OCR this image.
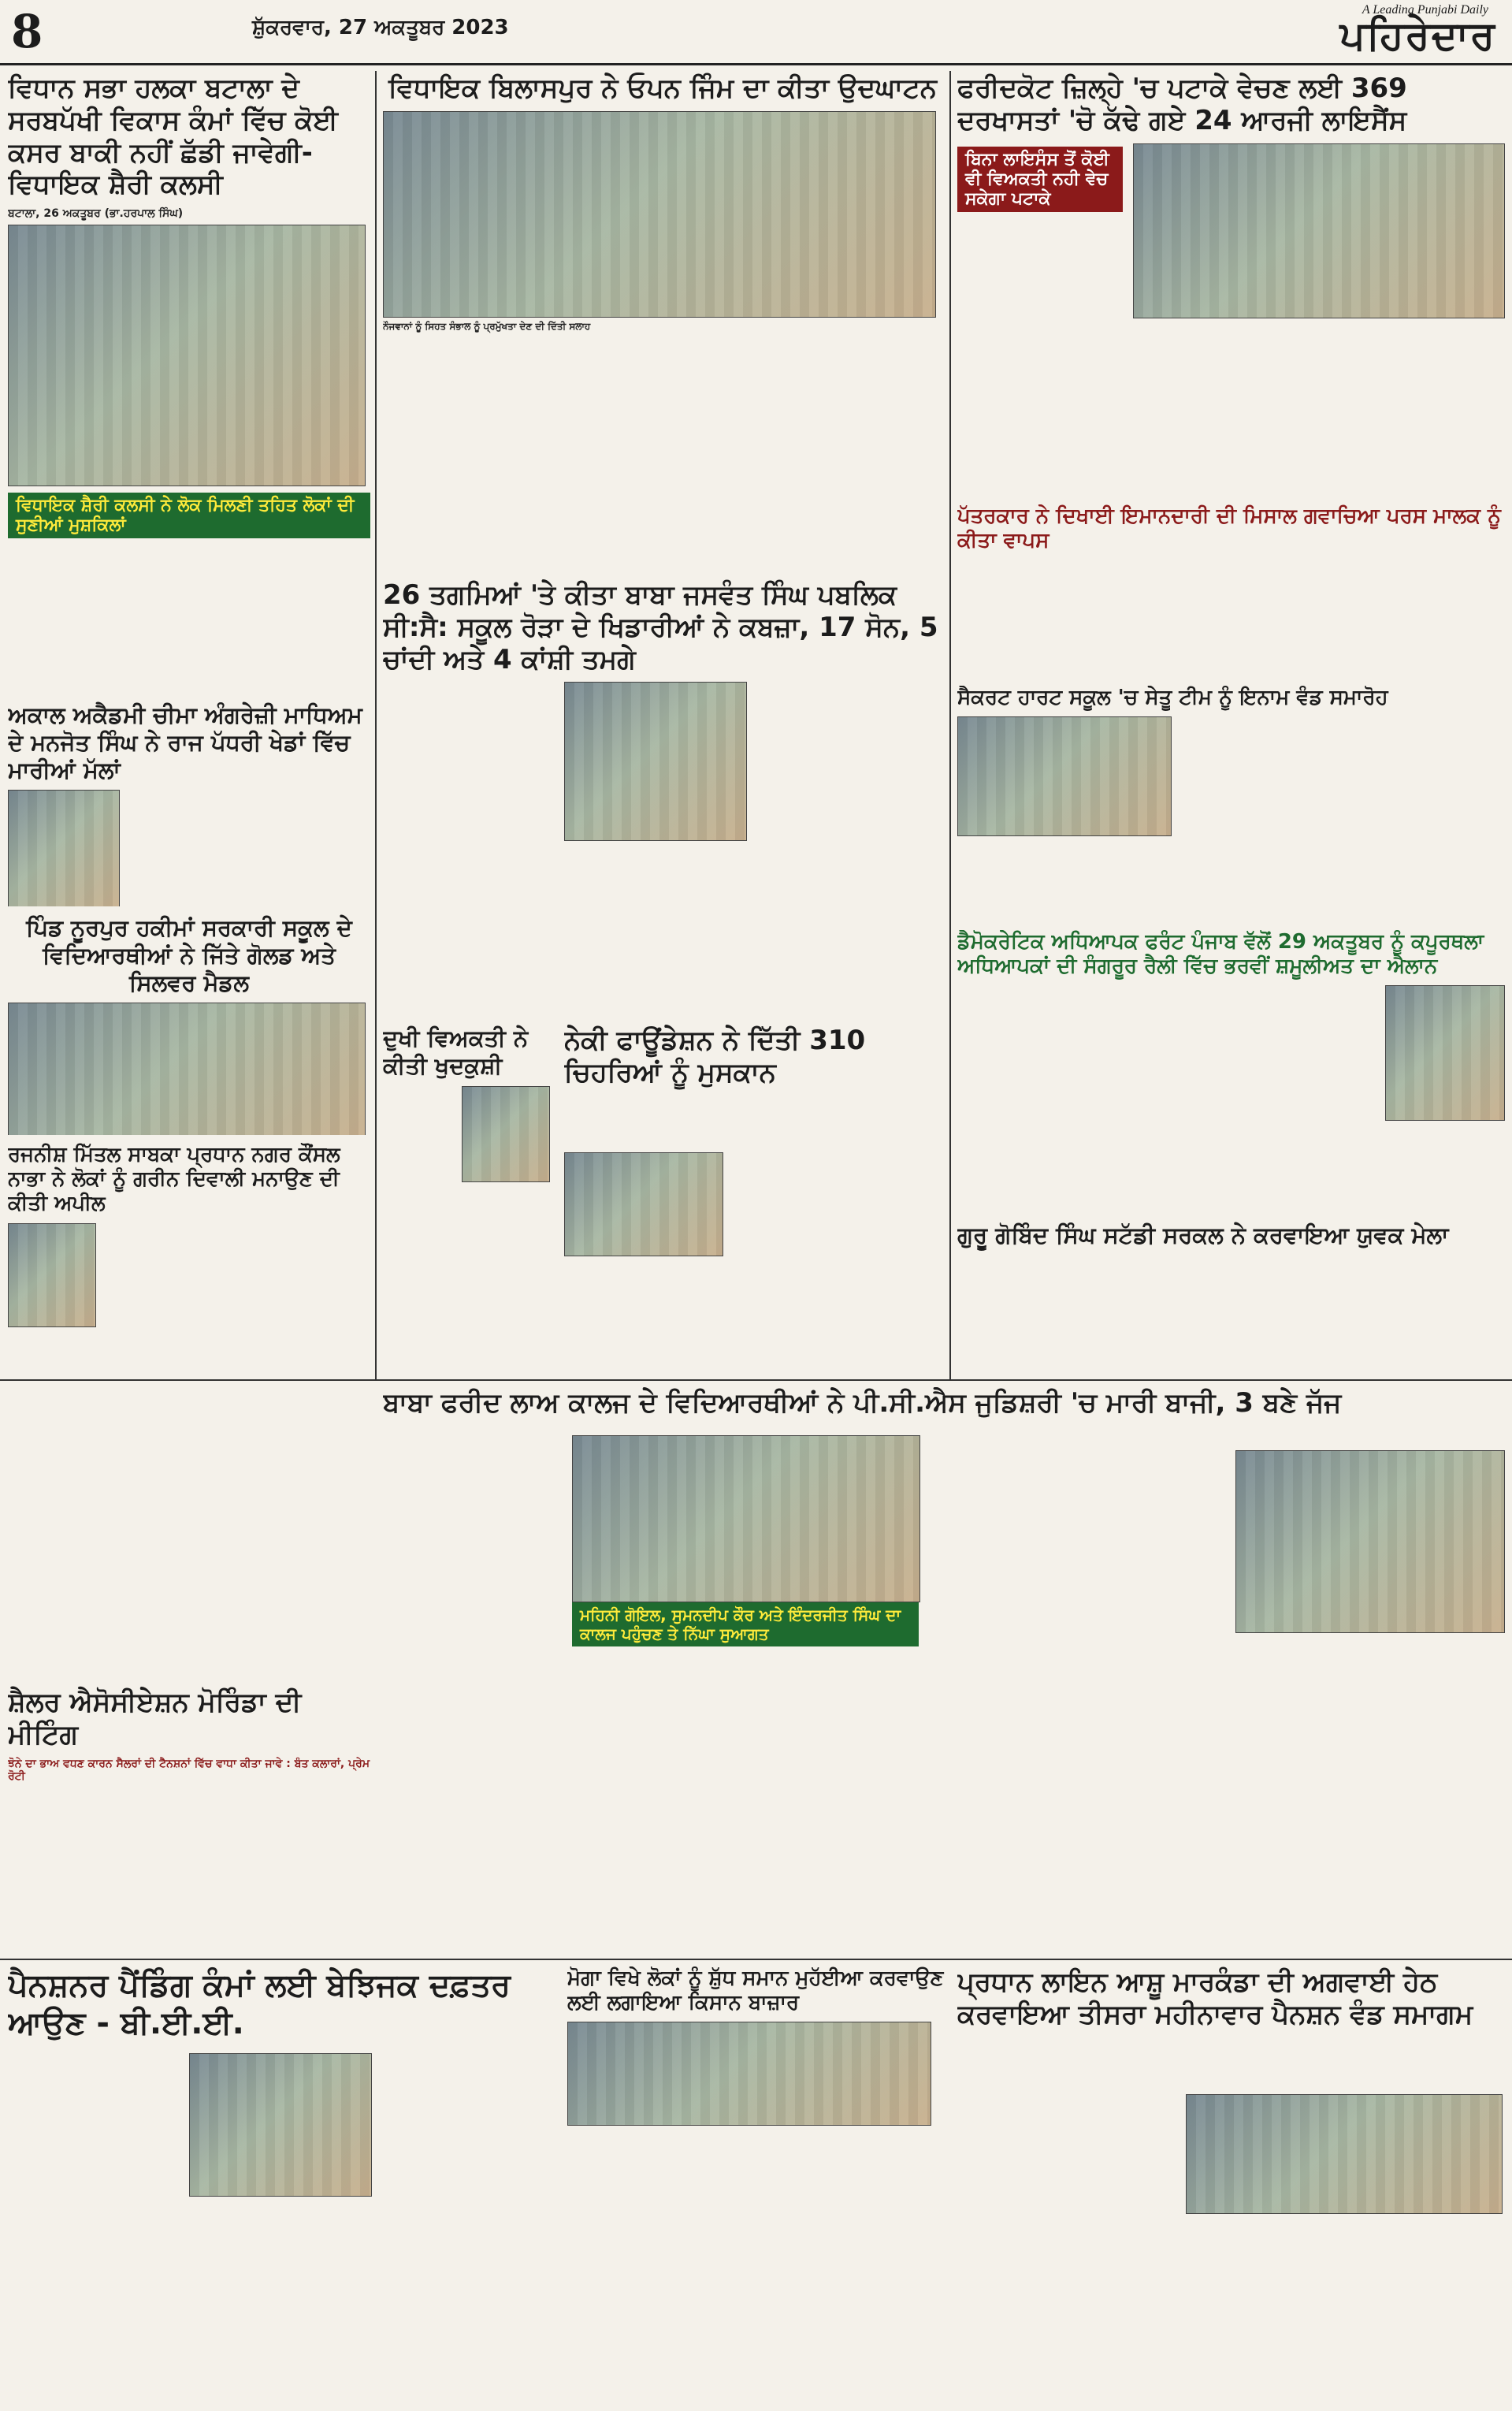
8	ਸ਼ੁੱਕਰਵਾਰ, 27 ਅਕਤੂਬਰ 2023
A Leading Punjabi Daily
ਪਹਿਰੇਦਾਰ
ਵਿਧਾਨ ਸਭਾ ਹਲਕਾ ਬਟਾਲਾ ਦੇ ਸਰਬਪੱਖੀ ਵਿਕਾਸ ਕੰਮਾਂ ਵਿੱਚ ਕੋਈ ਕਸਰ ਬਾਕੀ ਨਹੀਂ ਛੱਡੀ ਜਾਵੇਗੀ-ਵਿਧਾਇਕ ਸ਼ੈਰੀ ਕਲਸੀ
ਬਟਾਲਾ, 26 ਅਕਤੂਬਰ (ਭਾ.ਹਰਪਾਲ ਸਿੰਘ)
ਵਿਧਾਇਕ ਸ਼ੈਰੀ ਕਲਸੀ ਨੇ ਲੋਕ ਮਿਲਣੀ ਤਹਿਤ ਲੋਕਾਂ ਦੀ ਸੁਣੀਆਂ ਮੁਸ਼ਕਿਲਾਂ

ਅਕਾਲ ਅਕੈਡਮੀ ਚੀਮਾ ਅੰਗਰੇਜ਼ੀ ਮਾਧਿਅਮ ਦੇ ਮਨਜੋਤ ਸਿੰਘ ਨੇ ਰਾਜ ਪੱਧਰੀ ਖੇਡਾਂ ਵਿੱਚ ਮਾਰੀਆਂ ਮੱਲਾਂ
ਪਿੰਡ ਨੂਰਪੁਰ ਹਕੀਮਾਂ ਸਰਕਾਰੀ ਸਕੂਲ ਦੇ ਵਿਦਿਆਰਥੀਆਂ ਨੇ ਜਿੱਤੇ ਗੋਲਡ ਅਤੇ ਸਿਲਵਰ ਮੈਡਲ
ਰਜਨੀਸ਼ ਮਿੱਤਲ ਸਾਬਕਾ ਪ੍ਰਧਾਨ ਨਗਰ ਕੌਂਸਲ ਨਾਭਾ ਨੇ ਲੋਕਾਂ ਨੂੰ ਗਰੀਨ ਦਿਵਾਲੀ ਮਨਾਉਣ ਦੀ ਕੀਤੀ ਅਪੀਲ
ਵਿਧਾਇਕ ਬਿਲਾਸਪੁਰ ਨੇ ਓਪਨ ਜਿੰਮ ਦਾ ਕੀਤਾ ਉਦਘਾਟਨ
ਨੌਜਵਾਨਾਂ ਨੂੰ ਸਿਹਤ ਸੰਭਾਲ ਨੂੰ ਪ੍ਰਮੁੱਖਤਾ ਦੇਣ ਦੀ ਦਿੱਤੀ ਸਲਾਹ
26 ਤਗਮਿਆਂ 'ਤੇ ਕੀਤਾ ਬਾਬਾ ਜਸਵੰਤ ਸਿੰਘ ਪਬਲਿਕ ਸੀ:ਸੈ: ਸਕੂਲ ਰੋੜਾ ਦੇ ਖਿਡਾਰੀਆਂ ਨੇ ਕਬਜ਼ਾ, 17 ਸੋਨ, 5 ਚਾਂਦੀ ਅਤੇ 4 ਕਾਂਸ਼ੀ ਤਮਗੇ
ਦੁਖੀ ਵਿਅਕਤੀ ਨੇ ਕੀਤੀ ਖੁਦਕੁਸ਼ੀ
ਨੇਕੀ ਫਾਊਂਡੇਸ਼ਨ ਨੇ ਦਿੱਤੀ 310 ਚਿਹਰਿਆਂ ਨੂੰ ਮੁਸਕਾਨ
ਫਰੀਦਕੋਟ ਜ਼ਿਲ੍ਹੇ 'ਚ ਪਟਾਕੇ ਵੇਚਣ ਲਈ 369 ਦਰਖਾਸਤਾਂ 'ਚੋ ਕੱਢੇ ਗਏ 24 ਆਰਜੀ ਲਾਇਸੈਂਸ
ਬਿਨਾ ਲਾਇਸੰਸ ਤੋਂ ਕੋਈ ਵੀ ਵਿਅਕਤੀ ਨਹੀ ਵੇਚ ਸਕੇਗਾ ਪਟਾਕੇ
ਪੱਤਰਕਾਰ ਨੇ ਦਿਖਾਈ ਇਮਾਨਦਾਰੀ ਦੀ ਮਿਸਾਲ ਗਵਾਚਿਆ ਪਰਸ ਮਾਲਕ ਨੂੰ ਕੀਤਾ ਵਾਪਸ
ਸੈਕਰਟ ਹਾਰਟ ਸਕੂਲ 'ਚ ਸੇਤੂ ਟੀਮ ਨੂੰ ਇਨਾਮ ਵੰਡ ਸਮਾਰੋਹ
ਡੈਮੋਕਰੇਟਿਕ ਅਧਿਆਪਕ ਫਰੰਟ ਪੰਜਾਬ ਵੱਲੋਂ 29 ਅਕਤੂਬਰ ਨੂੰ ਕਪੂਰਥਲਾ ਅਧਿਆਪਕਾਂ ਦੀ ਸੰਗਰੂਰ ਰੈਲੀ ਵਿੱਚ ਭਰਵੀਂ ਸ਼ਮੂਲੀਅਤ ਦਾ ਐਲਾਨ
ਗੁਰੂ ਗੋਬਿੰਦ ਸਿੰਘ ਸਟੱਡੀ ਸਰਕਲ ਨੇ ਕਰਵਾਇਆ ਯੁਵਕ ਮੇਲਾ
ਬਾਬਾ ਫਰੀਦ ਲਾਅ ਕਾਲਜ ਦੇ ਵਿਦਿਆਰਥੀਆਂ ਨੇ ਪੀ.ਸੀ.ਐਸ ਜੁਡਿਸ਼ਰੀ 'ਚ ਮਾਰੀ ਬਾਜੀ, 3 ਬਣੇ ਜੱਜ
ਮਹਿਨੀ ਗੋਇਲ, ਸੁਮਨਦੀਪ ਕੌਰ ਅਤੇ ਇੰਦਰਜੀਤ ਸਿੰਘ ਦਾ ਕਾਲਜ ਪਹੁੰਚਣ ਤੇ ਨਿੱਘਾ ਸੁਆਗਤ
ਸ਼ੈਲਰ ਐਸੋਸੀਏਸ਼ਨ ਮੋਰਿੰਡਾ ਦੀ ਮੀਟਿੰਗ
ਝੋਨੇ ਦਾ ਭਾਅ ਵਧਣ ਕਾਰਨ ਸੈਲਰਾਂ ਦੀ ਟੈਨਸ਼ਨਾਂ ਵਿੱਚ ਵਾਧਾ ਕੀਤਾ ਜਾਵੇ : ਬੰਤ ਕਲਾਰਾਂ, ਪ੍ਰੇਮ ਰੋਟੀ
ਪੈਨਸ਼ਨਰ ਪੈਂਡਿੰਗ ਕੰਮਾਂ ਲਈ ਬੇਝਿਜਕ ਦਫ਼ਤਰ ਆਉਣ - ਬੀ.ਈ.ਈ.
ਮੋਗਾ ਵਿਖੇ ਲੋਕਾਂ ਨੂੰ ਸ਼ੁੱਧ ਸਮਾਨ ਮੁਹੱਈਆ ਕਰਵਾਉਣ ਲਈ ਲਗਾਇਆ ਕਿਸਾਨ ਬਾਜ਼ਾਰ
ਪ੍ਰਧਾਨ ਲਾਇਨ ਆਸ਼ੂ ਮਾਰਕੰਡਾ ਦੀ ਅਗਵਾਈ ਹੇਠ ਕਰਵਾਇਆ ਤੀਸਰਾ ਮਹੀਨਾਵਾਰ ਪੈਨਸ਼ਨ ਵੰਡ ਸਮਾਗਮ
